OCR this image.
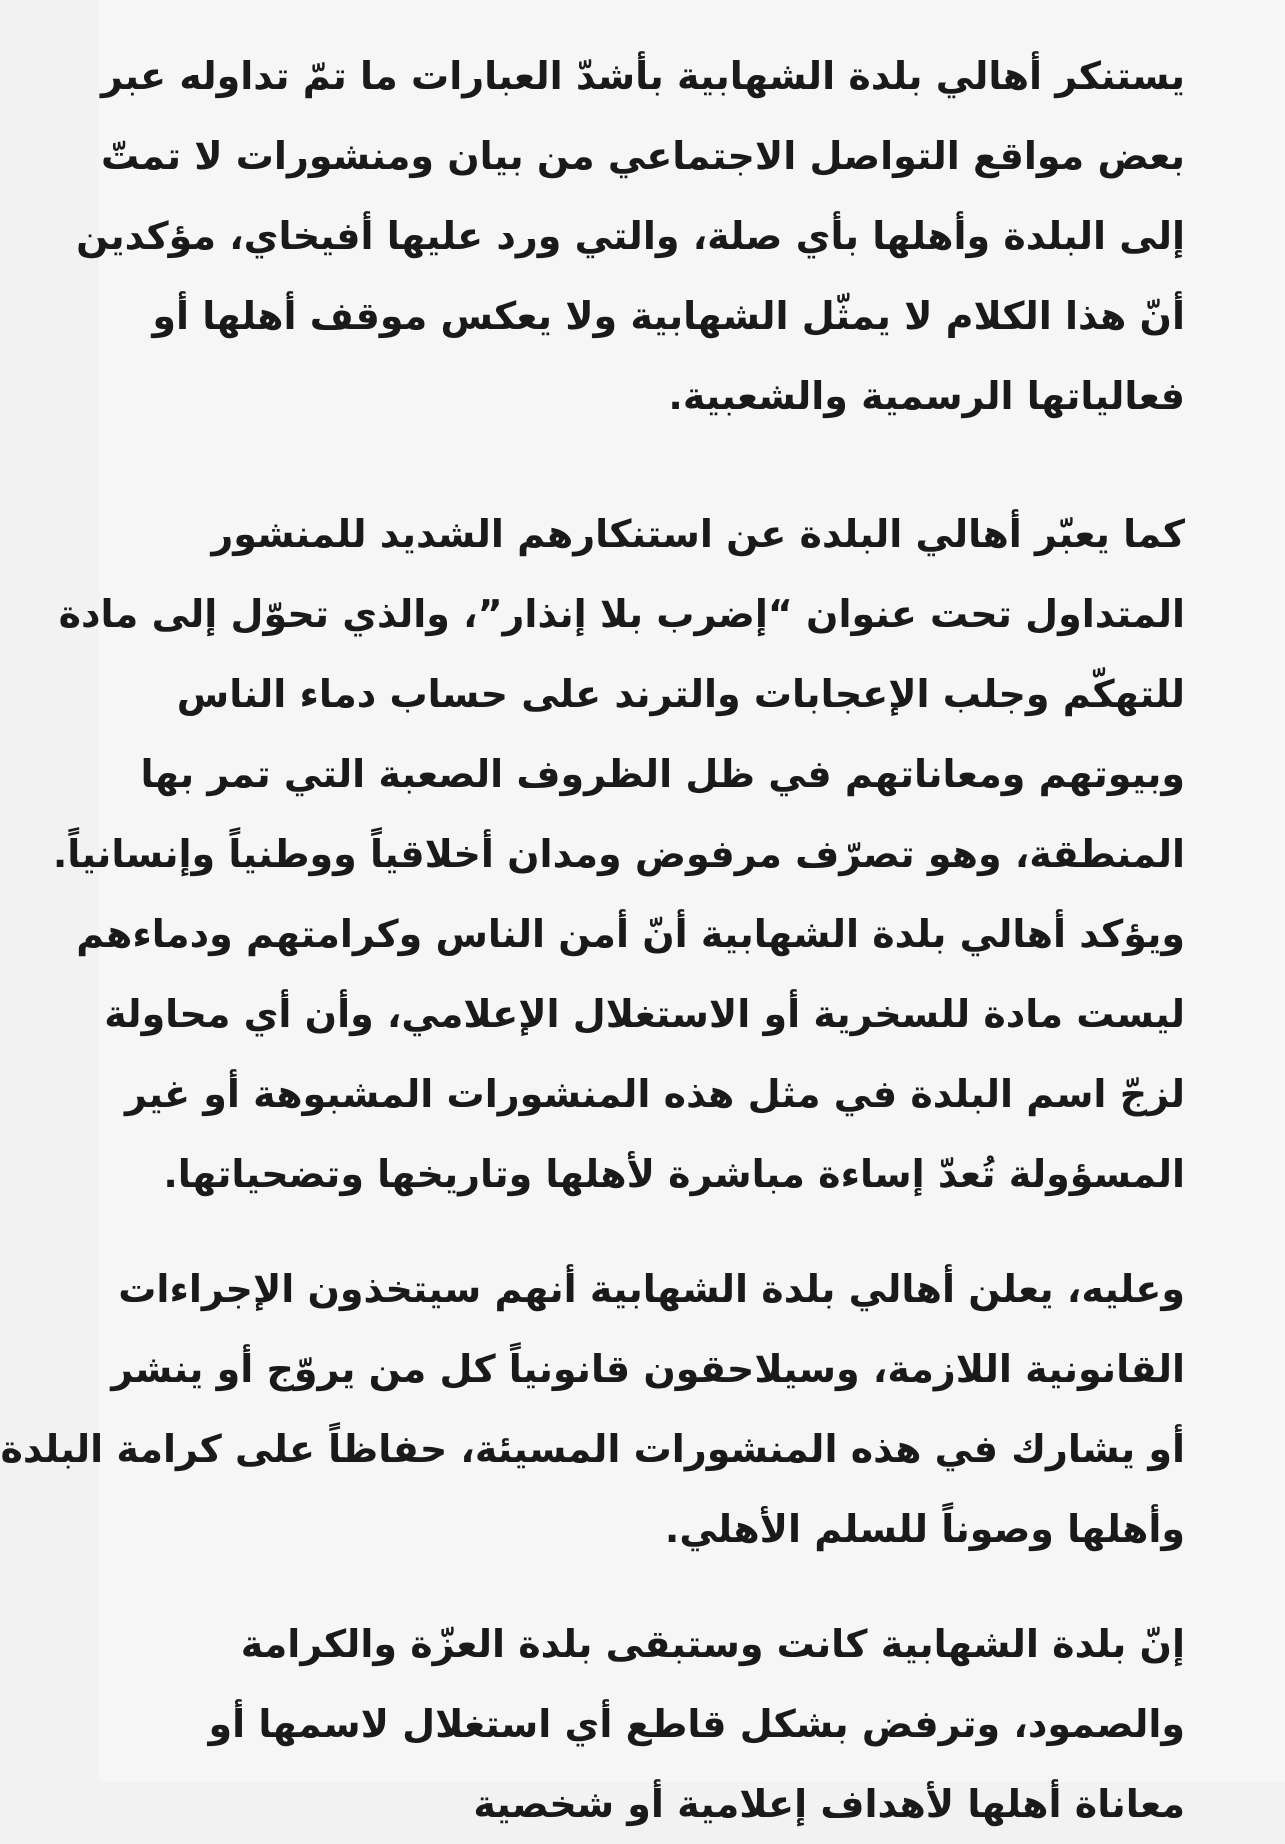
يستنكر أهالي بلدة الشهابية بأشدّ العبارات ما تمّ تداوله عبر
بعض مواقع التواصل الاجتماعي من بيان ومنشورات لا تمتّ
إلى البلدة وأهلها بأي صلة، والتي ورد عليها أفيخاي، مؤكدين
أنّ هذا الكلام لا يمثّل الشهابية ولا يعكس موقف أهلها أو
فعالياتها الرسمية والشعبية.
كما يعبّر أهالي البلدة عن استنكارهم الشديد للمنشور
المتداول تحت عنوان “إضرب بلا إنذار”، والذي تحوّل إلى مادة
للتهكّم وجلب الإعجابات والترند على حساب دماء الناس
وبيوتهم ومعاناتهم في ظل الظروف الصعبة التي تمر بها
المنطقة، وهو تصرّف مرفوض ومدان أخلاقياً ووطنياً وإنسانياً.
ويؤكد أهالي بلدة الشهابية أنّ أمن الناس وكرامتهم ودماءهم
ليست مادة للسخرية أو الاستغلال الإعلامي، وأن أي محاولة
لزجّ اسم البلدة في مثل هذه المنشورات المشبوهة أو غير
المسؤولة تُعدّ إساءة مباشرة لأهلها وتاريخها وتضحياتها.
وعليه، يعلن أهالي بلدة الشهابية أنهم سيتخذون الإجراءات
القانونية اللازمة، وسيلاحقون قانونياً كل من يروّج أو ينشر
أو يشارك في هذه المنشورات المسيئة، حفاظاً على كرامة البلدة
وأهلها وصوناً للسلم الأهلي.
إنّ بلدة الشهابية كانت وستبقى بلدة العزّة والكرامة
والصمود، وترفض بشكل قاطع أي استغلال لاسمها أو
معاناة أهلها لأهداف إعلامية أو شخصية
